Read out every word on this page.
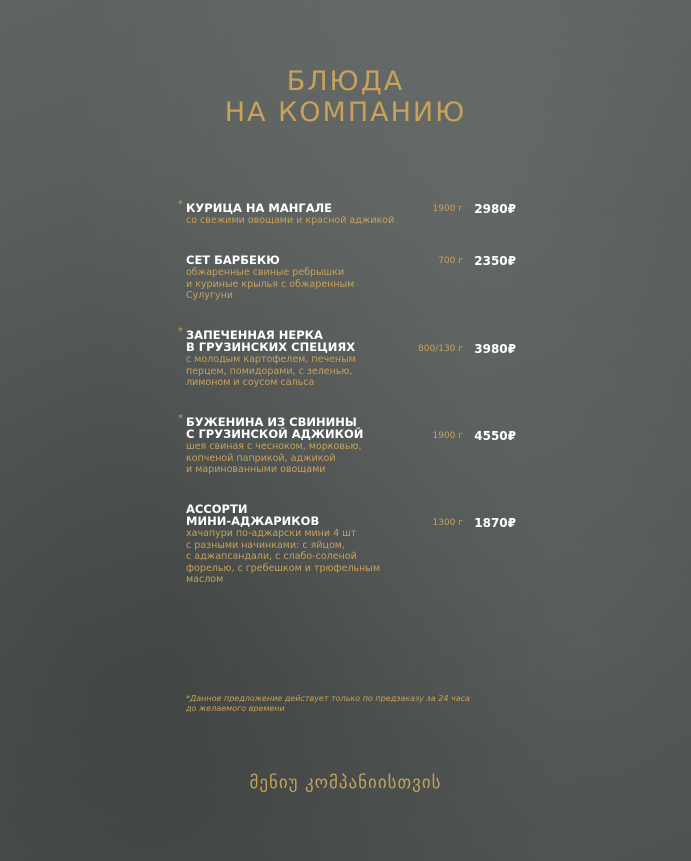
БЛЮДА
НА КОМПАНИЮ
* КУРИЦА НА МАНГАЛЕ
со свежими овощами и красной аджикой
1900 г 2980₽
СЕТ БАРБЕКЮ
обжаренные свиные ребрышки
и куриные крылья с обжаренным
Сулугуни
700 г 2350₽
* ЗАПЕЧЕННАЯ НЕРКА
В ГРУЗИНСКИХ СПЕЦИЯХ
с молодым картофелем, печеным
перцем, помидорами, с зеленью,
лимоном и соусом сальса
800/130 г 3980₽
* БУЖЕНИНА ИЗ СВИНИНЫ
С ГРУЗИНСКОЙ АДЖИКОЙ
шея свиная с чесноком, морковью,
копченой паприкой, аджикой
и маринованными овощами
1900 г 4550₽
АССОРТИ
МИНИ-АДЖАРИКОВ
хачапури по-аджарски мини 4 шт
с разными начинками: с яйцом,
с аджапсандали, с слабо-соленой
форелью, с гребешком и трюфельным
маслом
1300 г 1870₽
*Данное предложение действует только по предзаказу за 24 часа
до желаемого времени
მენიუ კომპანიისთვის
